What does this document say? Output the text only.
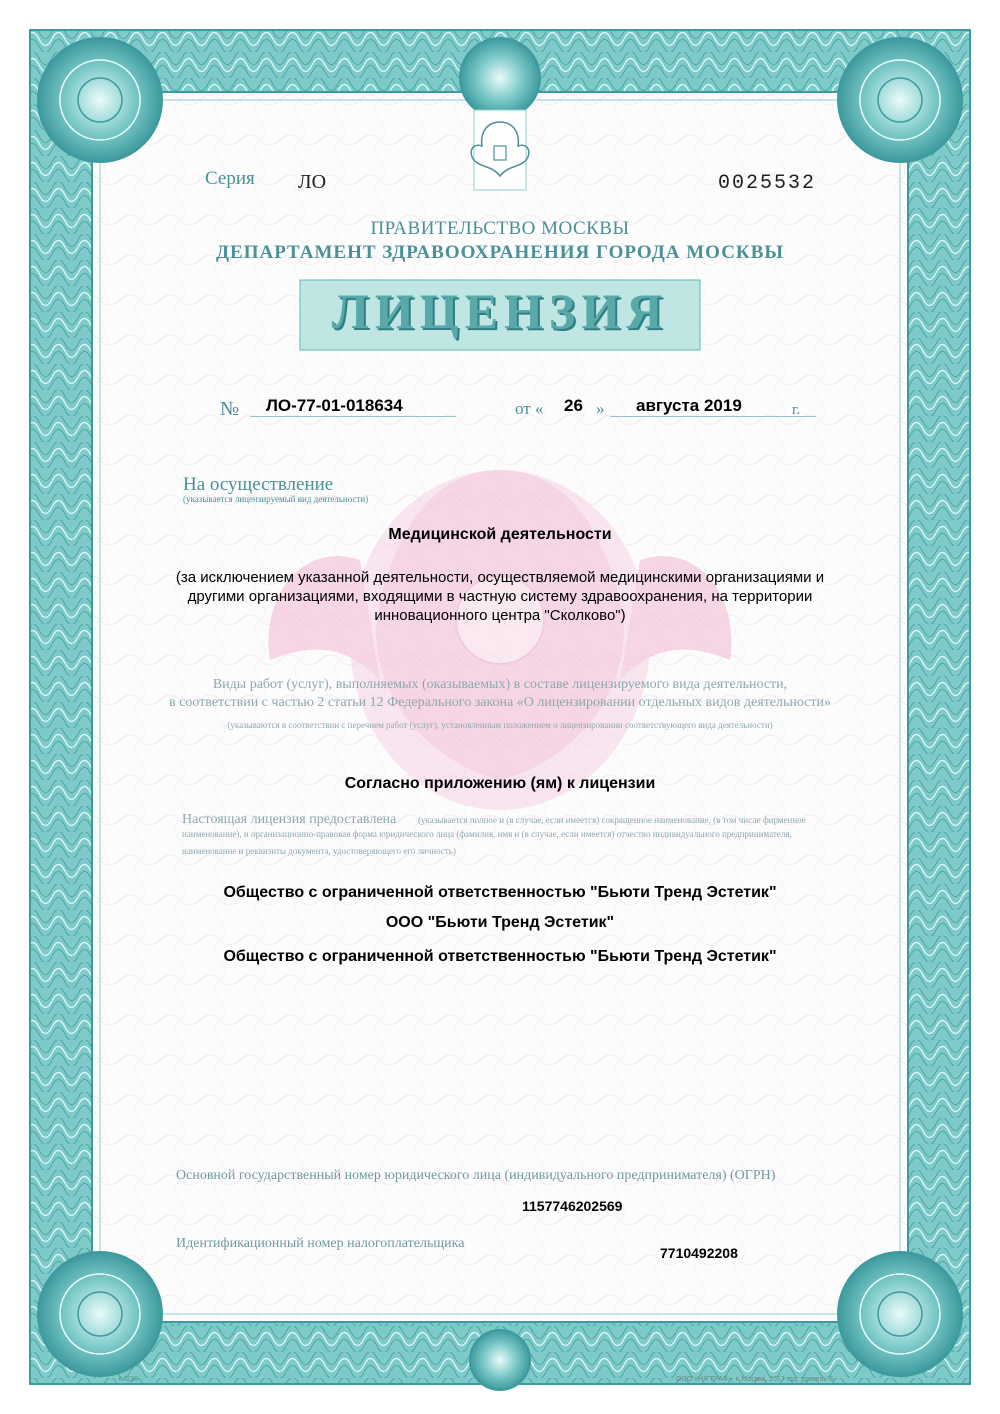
Серия ЛО	0025532
ПРАВИТЕЛЬСТВО МОСКВЫ
ДЕПАРТАМЕНТ ЗДРАВООХРАНЕНИЯ ГОРОДА МОСКВЫ
ЛИЦЕНЗИЯ
№	ЛО-77-01-018634	от « 26 »	августа 2019	г.
На осуществление
(указывается лицензируемый вид деятельности)
Медицинской деятельности
(за исключением указанной деятельности, осуществляемой медицинскими организациями и другими организациями, входящими в частную систему здравоохранения, на территории инновационного центра "Сколково")
Виды работ (услуг), выполняемых (оказываемых) в составе лицензируемого вида деятельности,
в соответствии с частью 2 статьи 12 Федерального закона «О лицензировании отдельных видов деятельности»
(указываются в соответствии с перечнем работ (услуг), установленным положением о лицензировании соответствующего вида деятельности)
Согласно приложению (ям) к лицензии
Настоящая лицензия предоставлена (указывается полное и (в случае, если имеется) сокращенное наименование, (в том числе фирменное
наименование), и организационно-правовая форма юридического лица (фамилия, имя и (в случае, если имеется) отчество индивидуального предпринимателя,
наименование и реквизиты документа, удостоверяющего его личность)
Общество с ограниченной ответственностью "Бьюти Тренд Эстетик"
ООО "Бьюти Тренд Эстетик"
Общество с ограниченной ответственностью "Бьюти Тренд Эстетик"
Основной государственный номер юридического лица (индивидуального предпринимателя) (ОГРН)
1157746202569
Идентификационный номер налогоплательщика
7710492208
А4238	ООО «Н*ГТРАФ», г. Москва, 2017 год, уровень Б
